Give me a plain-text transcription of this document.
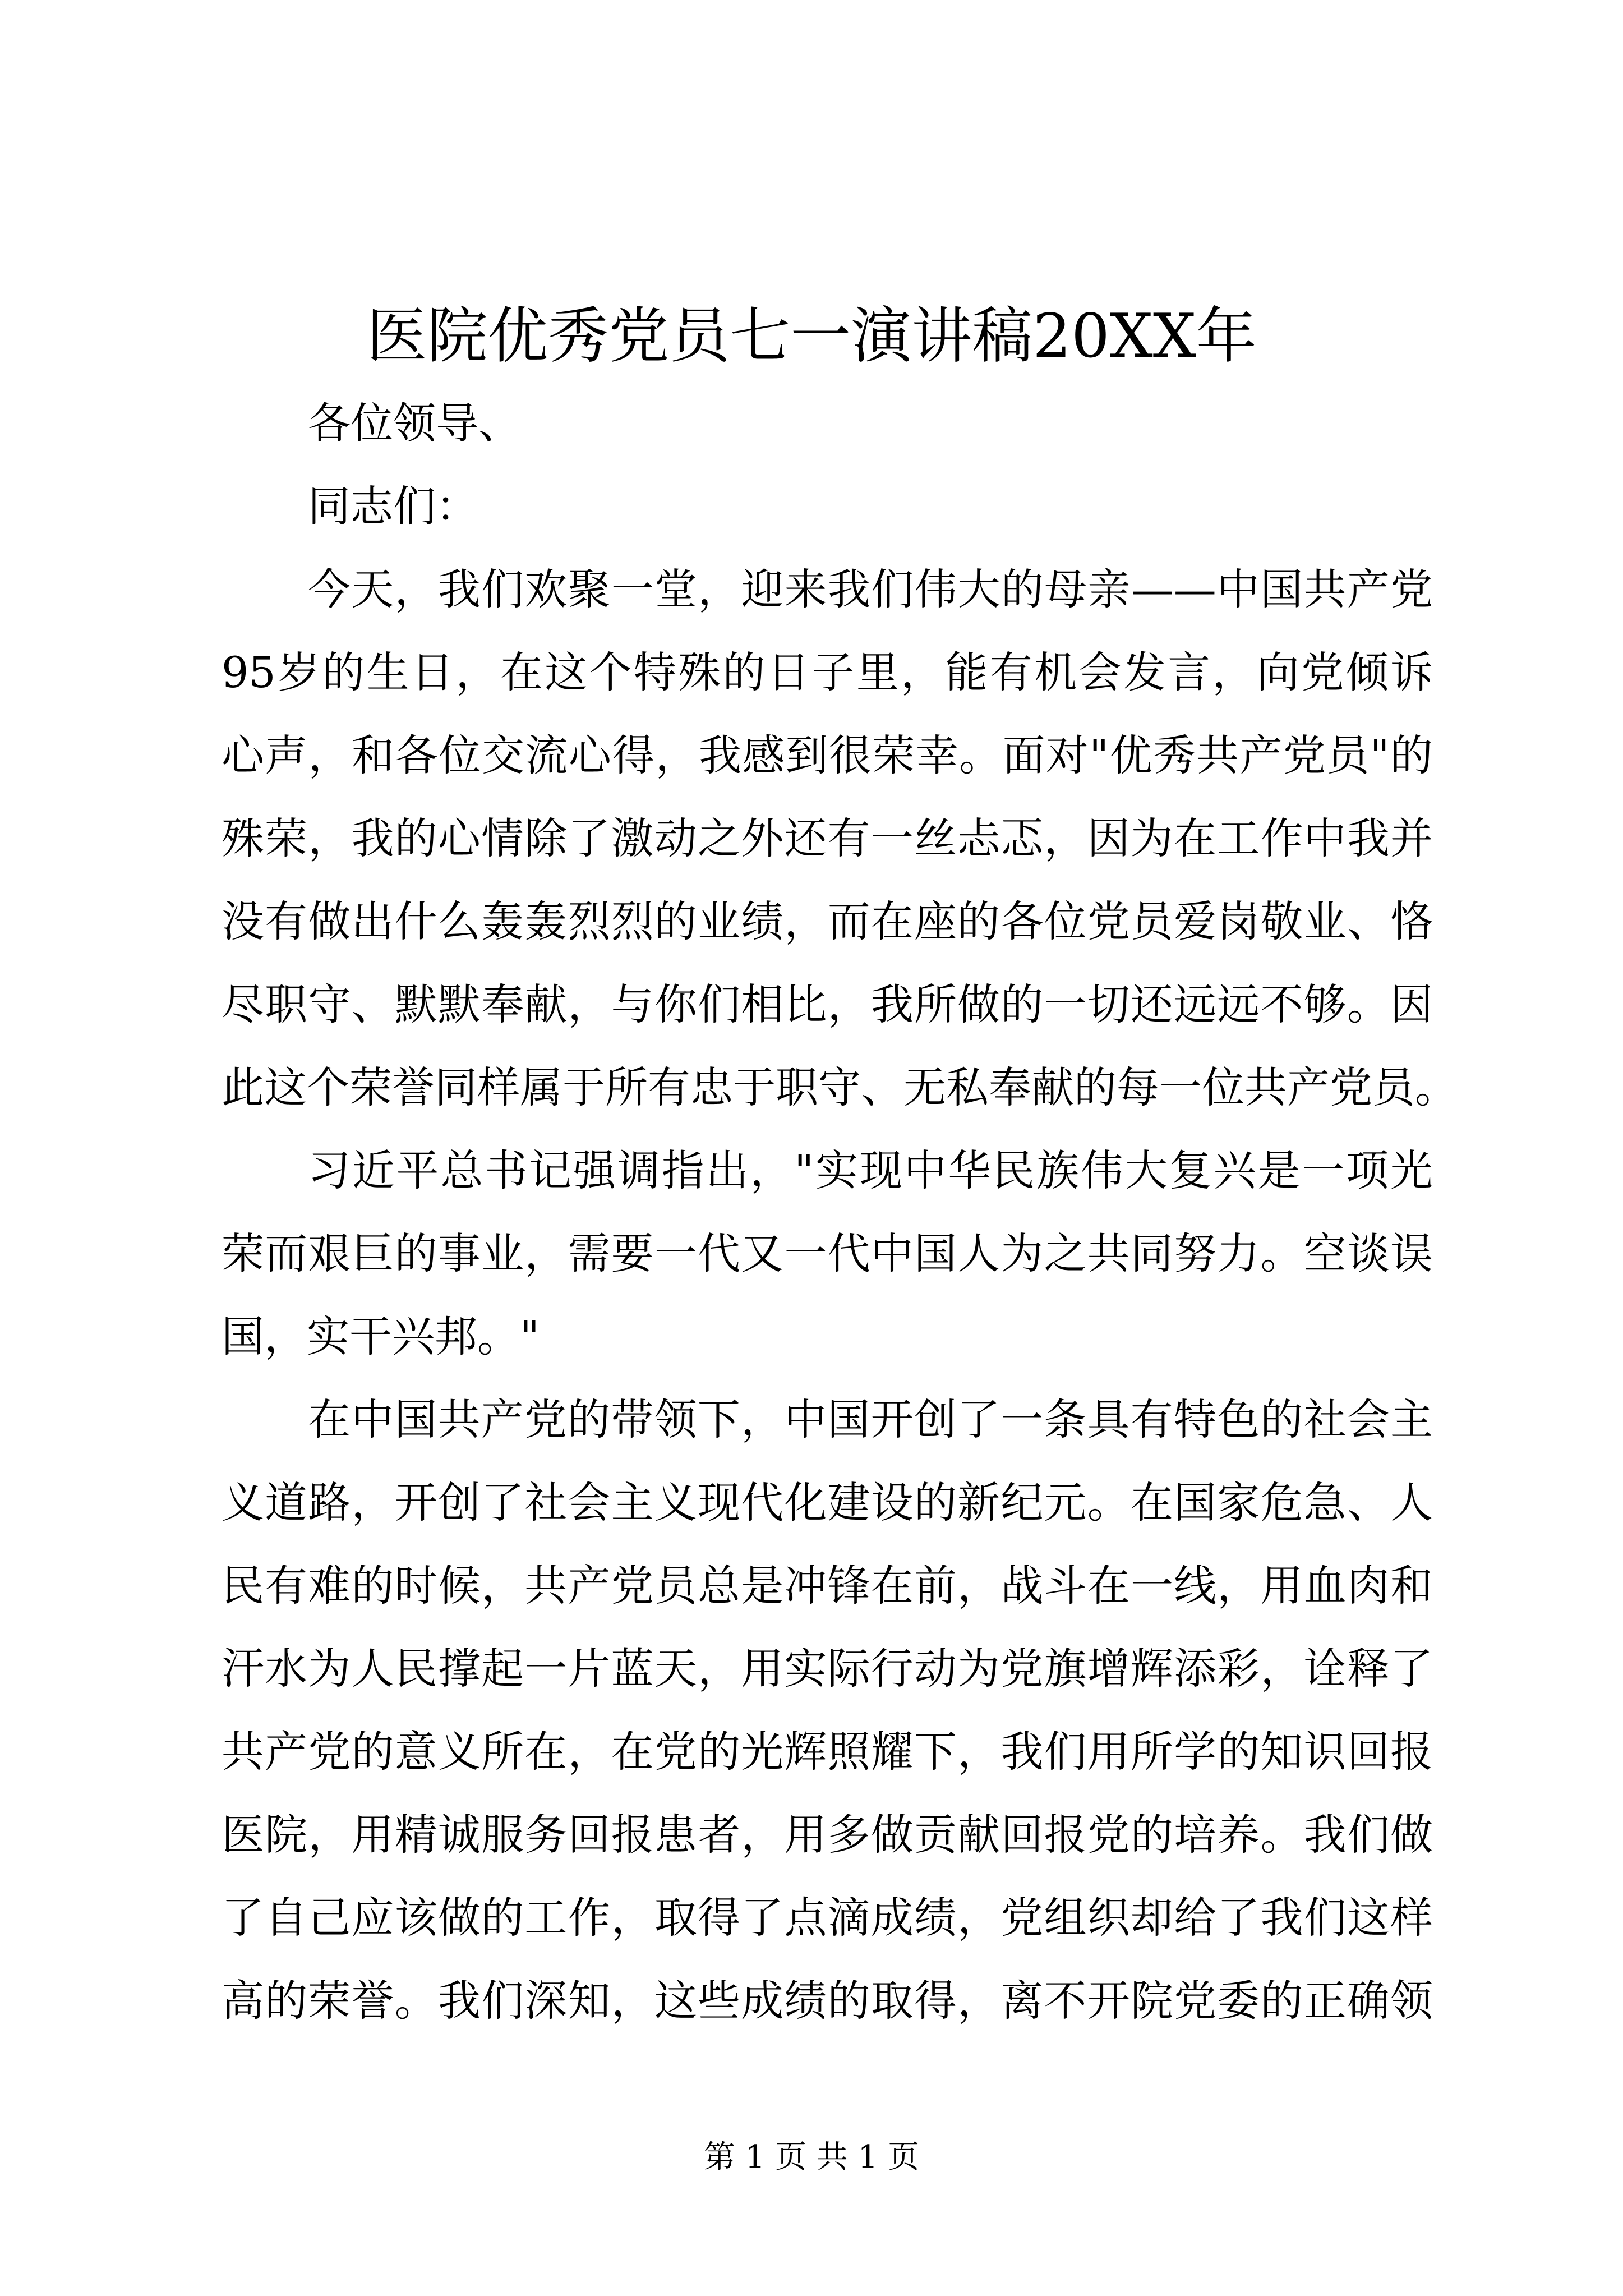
医院优秀党员七一演讲稿20XX年
各位领导、
同志们：
今天，我们欢聚一堂，迎来我们伟大的母亲——中国共产党
95岁的生日，在这个特殊的日子里，能有机会发言，向党倾诉
心声，和各位交流心得，我感到很荣幸。面对"优秀共产党员"的
殊荣，我的心情除了激动之外还有一丝忐忑，因为在工作中我并
没有做出什么轰轰烈烈的业绩，而在座的各位党员爱岗敬业、恪
尽职守、默默奉献，与你们相比，我所做的一切还远远不够。因
此这个荣誉同样属于所有忠于职守、无私奉献的每一位共产党员。
习近平总书记强调指出，"实现中华民族伟大复兴是一项光
荣而艰巨的事业，需要一代又一代中国人为之共同努力。空谈误
国，实干兴邦。"
在中国共产党的带领下，中国开创了一条具有特色的社会主
义道路，开创了社会主义现代化建设的新纪元。在国家危急、人
民有难的时候，共产党员总是冲锋在前，战斗在一线，用血肉和
汗水为人民撑起一片蓝天，用实际行动为党旗增辉添彩，诠释了
共产党的意义所在，在党的光辉照耀下，我们用所学的知识回报
医院，用精诚服务回报患者，用多做贡献回报党的培养。我们做
了自己应该做的工作，取得了点滴成绩，党组织却给了我们这样
高的荣誉。我们深知，这些成绩的取得，离不开院党委的正确领
第 1 页 共 1 页
